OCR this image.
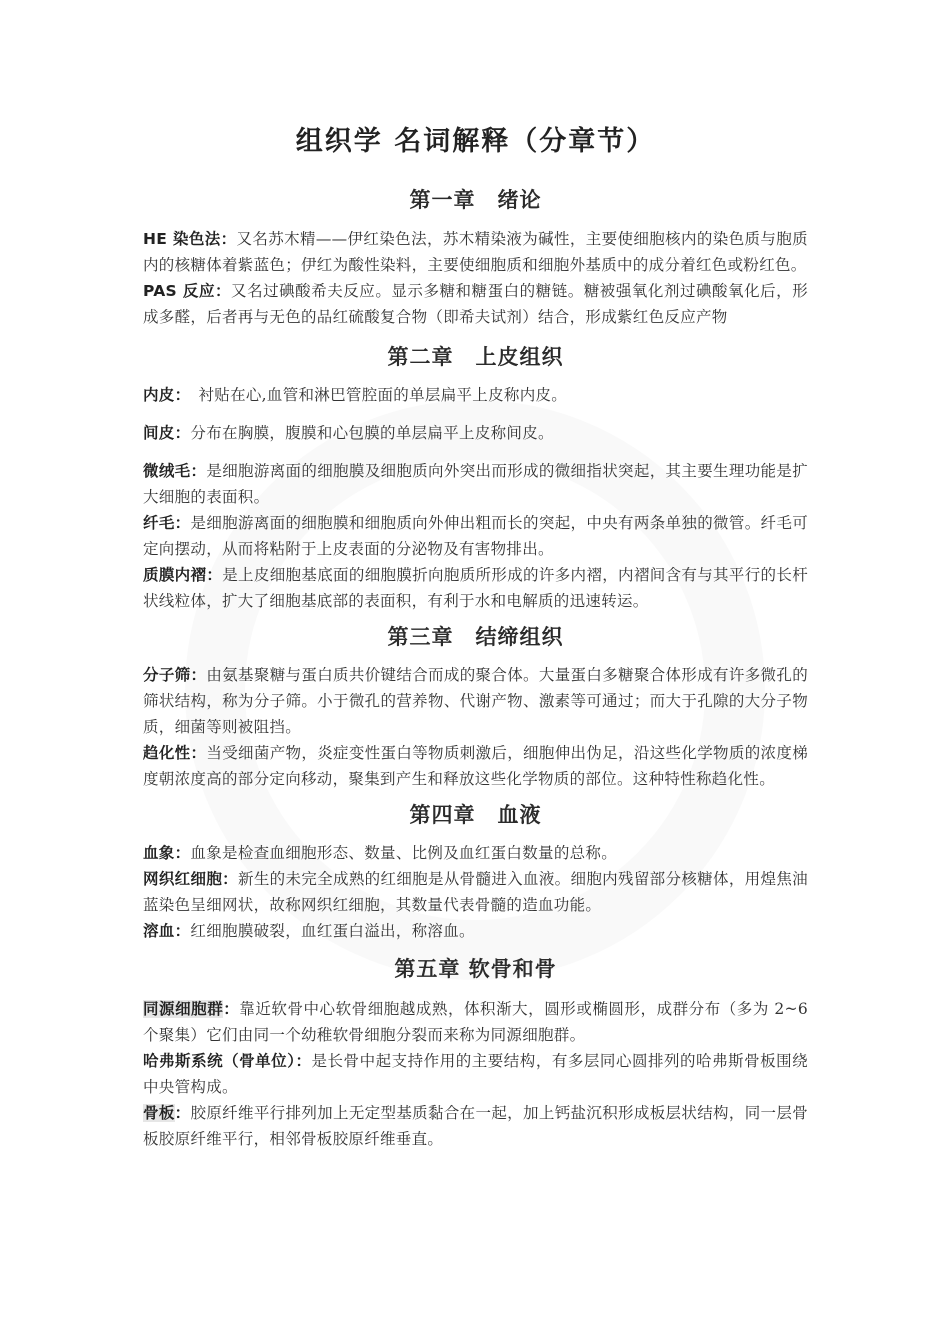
组织学 名词解释（分章节）
第一章　绪论

HE 染色法：又名苏木精——伊红染色法，苏木精染液为碱性，主要使细胞核内的染色质与胞质内的核糖体着紫蓝色；伊红为酸性染料，主要使细胞质和细胞外基质中的成分着红色或粉红色。

PAS 反应：又名过碘酸希夫反应。显示多糖和糖蛋白的糖链。糖被强氧化剂过碘酸氧化后，形成多醛，后者再与无色的品红硫酸复合物（即希夫试剂）结合，形成紫红色反应产物

第二章　上皮组织

内皮：　衬贴在心,血管和淋巴管腔面的单层扁平上皮称内皮。

间皮：分布在胸膜，腹膜和心包膜的单层扁平上皮称间皮。

微绒毛：是细胞游离面的细胞膜及细胞质向外突出而形成的微细指状突起，其主要生理功能是扩大细胞的表面积。

纤毛：是细胞游离面的细胞膜和细胞质向外伸出粗而长的突起，中央有两条单独的微管。纤毛可定向摆动，从而将粘附于上皮表面的分泌物及有害物排出。

质膜内褶：是上皮细胞基底面的细胞膜折向胞质所形成的许多内褶，内褶间含有与其平行的长杆状线粒体，扩大了细胞基底部的表面积，有利于水和电解质的迅速转运。

第三章　结缔组织

分子筛：由氨基聚糖与蛋白质共价键结合而成的聚合体。大量蛋白多糖聚合体形成有许多微孔的筛状结构，称为分子筛。小于微孔的营养物、代谢产物、激素等可通过；而大于孔隙的大分子物质，细菌等则被阻挡。

趋化性：当受细菌产物，炎症变性蛋白等物质刺激后，细胞伸出伪足，沿这些化学物质的浓度梯度朝浓度高的部分定向移动，聚集到产生和释放这些化学物质的部位。这种特性称趋化性。

第四章　血液

血象：血象是检查血细胞形态、数量、比例及血红蛋白数量的总称。

网织红细胞：新生的未完全成熟的红细胞是从骨髓进入血液。细胞内残留部分核糖体，用煌焦油蓝染色呈细网状，故称网织红细胞，其数量代表骨髓的造血功能。

溶血：红细胞膜破裂，血红蛋白溢出，称溶血。

第五章 软骨和骨

同源细胞群：靠近软骨中心软骨细胞越成熟，体积渐大，圆形或椭圆形，成群分布（多为 2~6 个聚集）它们由同一个幼稚软骨细胞分裂而来称为同源细胞群。

哈弗斯系统（骨单位）：是长骨中起支持作用的主要结构，有多层同心圆排列的哈弗斯骨板围绕中央管构成。

骨板：胶原纤维平行排列加上无定型基质黏合在一起，加上钙盐沉积形成板层状结构，同一层骨板胶原纤维平行，相邻骨板胶原纤维垂直。
